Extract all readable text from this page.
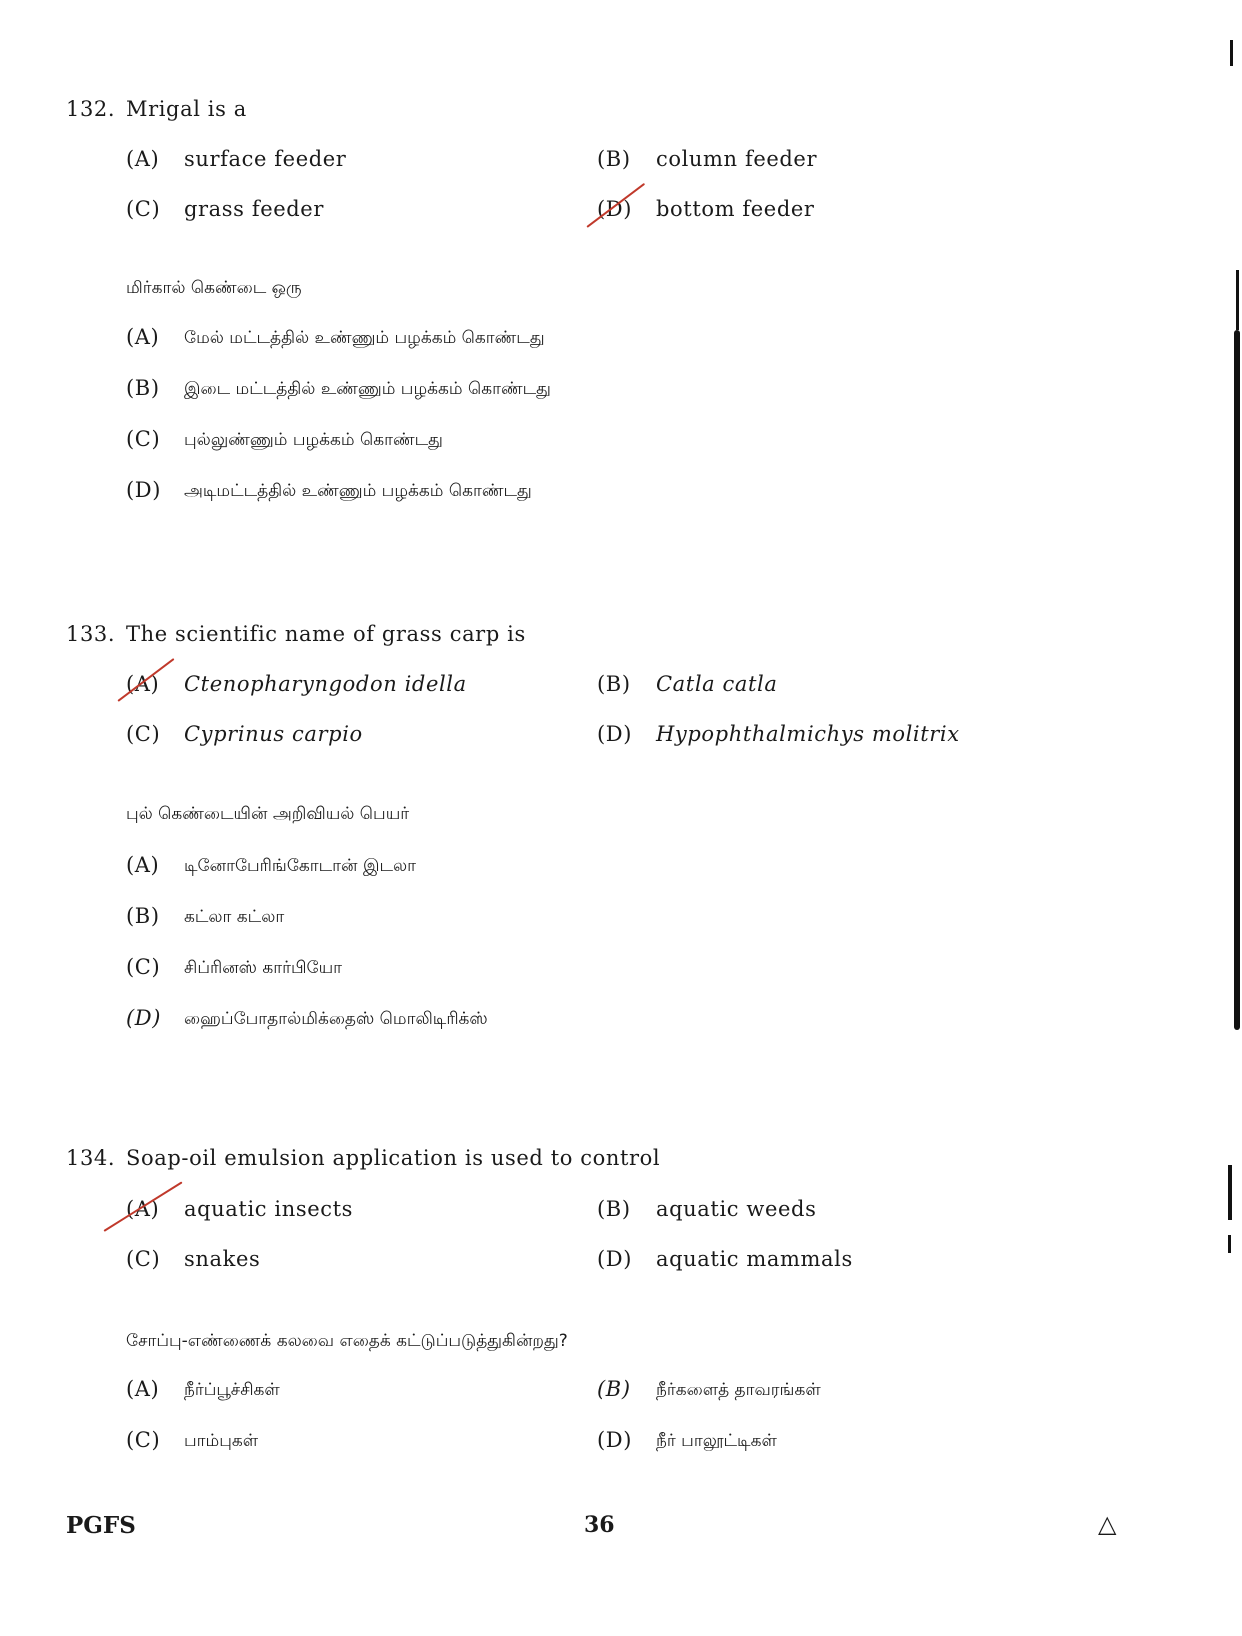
132. Mrigal is a
(A) surface feeder	(B) column feeder
(C) grass feeder	(D) bottom feeder
மிர்கால் கெண்டை ஒரு
(A) மேல் மட்டத்தில் உண்ணும் பழக்கம் கொண்டது
(B) இடை மட்டத்தில் உண்ணும் பழக்கம் கொண்டது
(C) புல்லுண்ணும் பழக்கம் கொண்டது
(D) அடிமட்டத்தில் உண்ணும் பழக்கம் கொண்டது
133. The scientific name of grass carp is
(A) Ctenopharyngodon idella	(B) Catla catla
(C) Cyprinus carpio	(D) Hypophthalmichys molitrix
புல் கெண்டையின் அறிவியல் பெயர்
(A) டினோபேரிங்கோடான் இடலா
(B) கட்லா கட்லா
(C) சிப்ரினஸ் கார்பியோ
(D) ஹைப்போதால்மிக்தைஸ் மொலிடிரிக்ஸ்
134. Soap-oil emulsion application is used to control
(A) aquatic insects	(B) aquatic weeds
(C) snakes	(D) aquatic mammals
சோப்பு-எண்ணைக் கலவை எதைக் கட்டுப்படுத்துகின்றது?
(A) நீர்ப்பூச்சிகள்	(B) நீர்களைத் தாவரங்கள்
(C) பாம்புகள்	(D) நீர் பாலூட்டிகள்
PGFS	36	△
